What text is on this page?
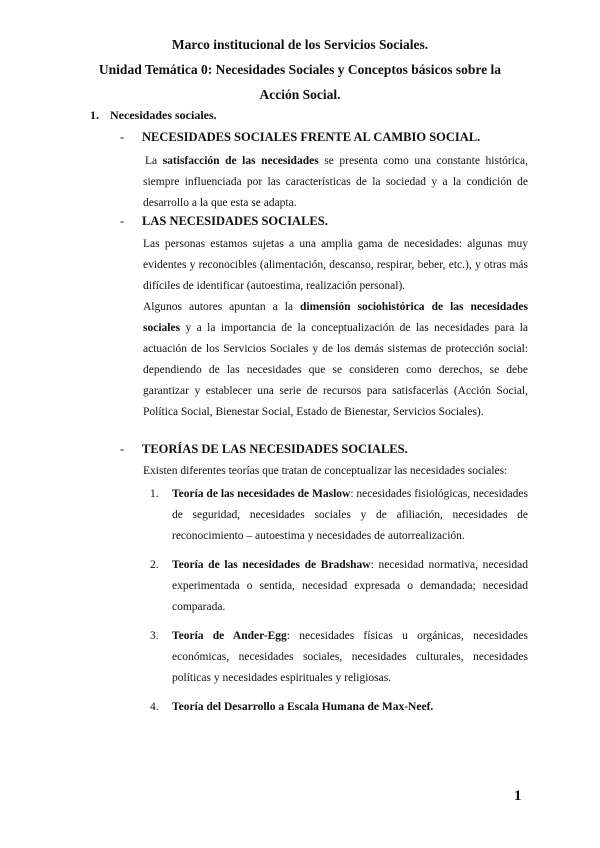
Marco institucional de los Servicios Sociales.

Unidad Temática 0: Necesidades Sociales y Conceptos básicos sobre la

Acción Social.

1. Necesidades sociales.

- NECESIDADES SOCIALES FRENTE AL CAMBIO SOCIAL.

La satisfacción de las necesidades se presenta como una constante histórica, siempre influenciada por las características de la sociedad y a la condición de desarrollo a la que esta se adapta.

- LAS NECESIDADES SOCIALES.

Las personas estamos sujetas a una amplia gama de necesidades: algunas muy evidentes y reconocibles (alimentación, descanso, respirar, beber, etc.), y otras más difíciles de identificar (autoestima, realización personal).

Algunos autores apuntan a la dimensión sociohistórica de las necesidades sociales y a la importancia de la conceptualización de las necesidades para la actuación de los Servicios Sociales y de los demás sistemas de protección social: dependiendo de las necesidades que se consideren como derechos, se debe garantizar y establecer una serie de recursos para satisfacerlas (Acción Social, Política Social, Bienestar Social, Estado de Bienestar, Servicios Sociales).

- TEORÍAS DE LAS NECESIDADES SOCIALES.

Existen diferentes teorías que tratan de conceptualizar las necesidades sociales:

1. Teoría de las necesidades de Maslow: necesidades fisiológicas, necesidades de seguridad, necesidades sociales y de afiliación, necesidades de reconocimiento – autoestima y necesidades de autorrealización.
2. Teoría de las necesidades de Bradshaw: necesidad normativa, necesidad experimentada o sentida, necesidad expresada o demandada; necesidad comparada.
3. Teoría de Ander-Egg: necesidades físicas u orgánicas, necesidades económicas, necesidades sociales, necesidades culturales, necesidades políticas y necesidades espirituales y religiosas.
4. Teoría del Desarrollo a Escala Humana de Max-Neef.
1
